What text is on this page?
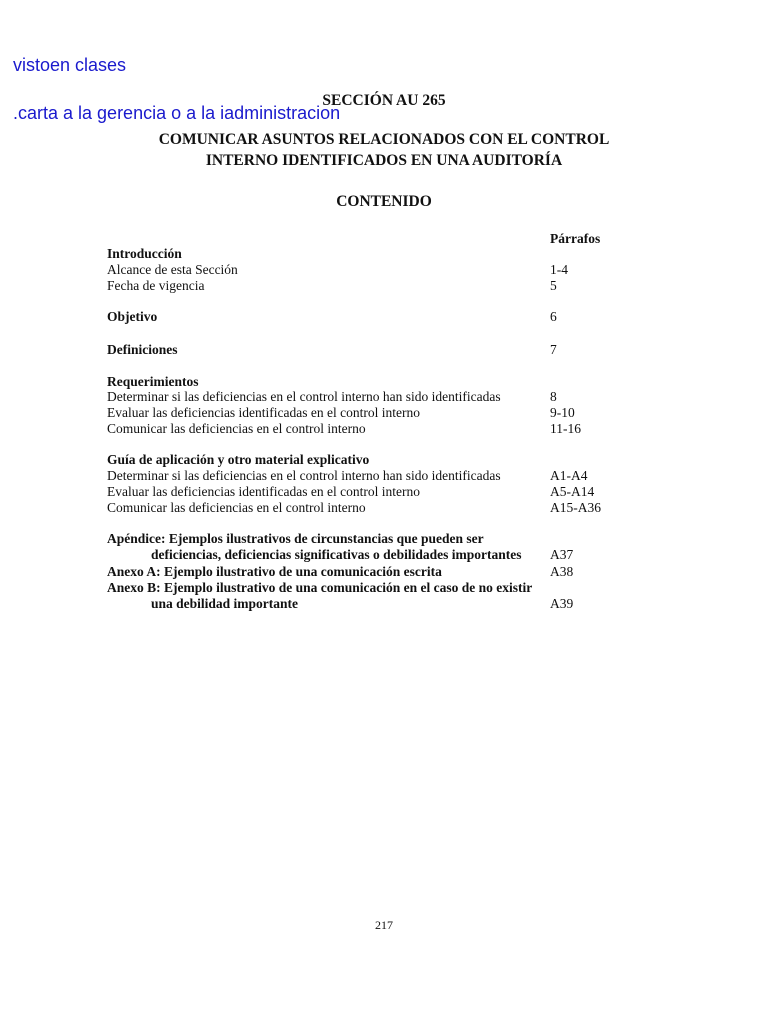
vistoen clases
SECCIÓN AU 265
.carta a la gerencia o a la iadministracion
COMUNICAR ASUNTOS RELACIONADOS CON EL CONTROL
INTERNO IDENTIFICADOS EN UNA AUDITORÍA
CONTENIDO
Párrafos
Introducción
Alcance de esta Sección	1-4
Fecha de vigencia	5
Objetivo	6
Definiciones	7
Requerimientos
Determinar si las deficiencias en el control interno han sido identificadas	8
Evaluar las deficiencias identificadas en el control interno	9-10
Comunicar las deficiencias en el control interno	11-16
Guía de aplicación y otro material explicativo
Determinar si las deficiencias en el control interno han sido identificadas	A1-A4
Evaluar las deficiencias identificadas en el control interno	A5-A14
Comunicar las deficiencias en el control interno	A15-A36
Apéndice: Ejemplos ilustrativos de circunstancias que pueden ser
deficiencias, deficiencias significativas o debilidades importantes A37
Anexo A: Ejemplo ilustrativo de una comunicación escrita	A38
Anexo B: Ejemplo ilustrativo de una comunicación en el caso de no existir
una debilidad importante	A39
217
